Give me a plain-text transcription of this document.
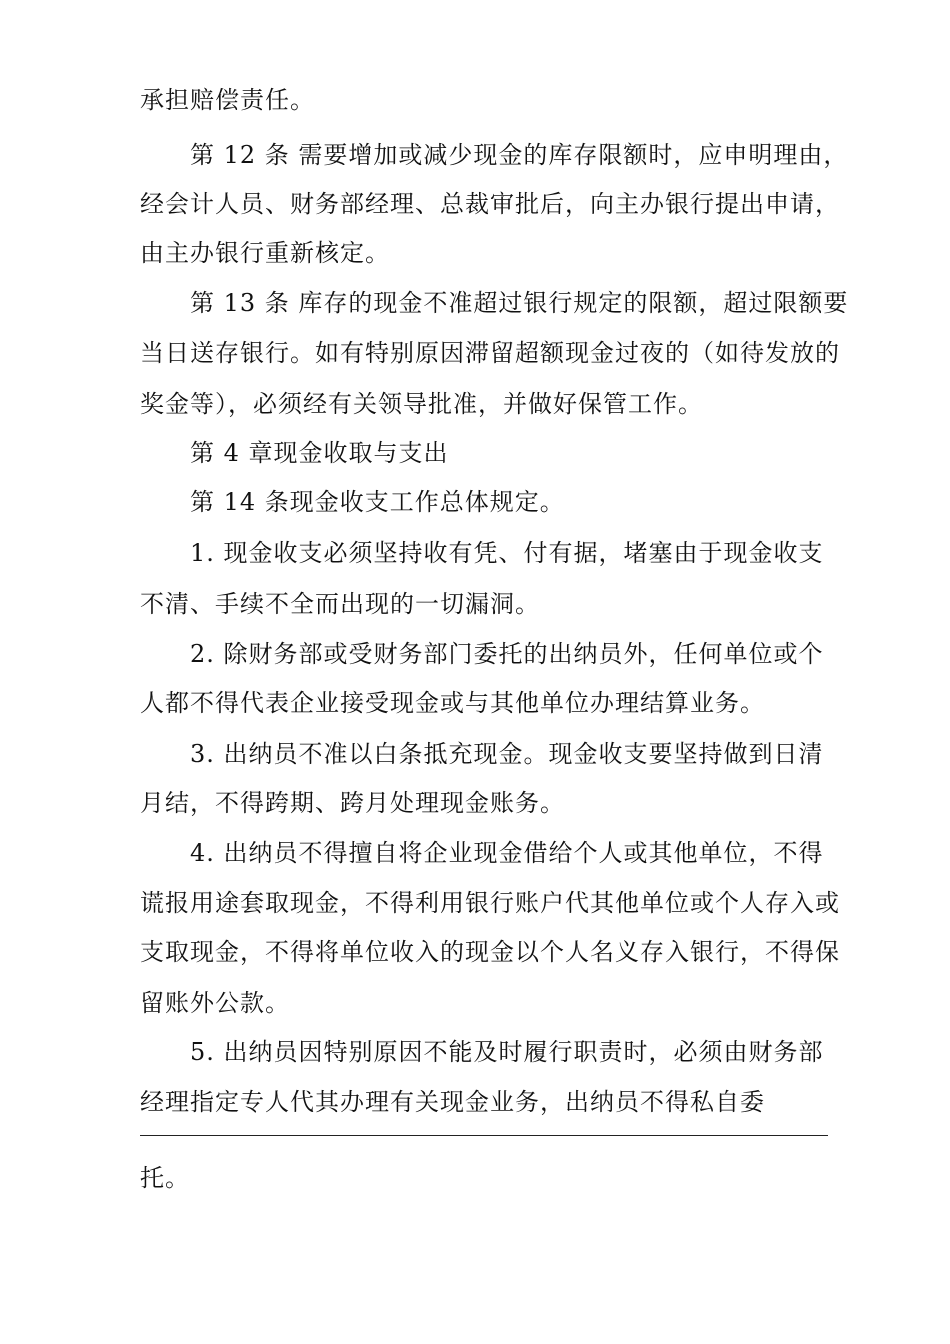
承担赔偿责任。
第 12 条 需要增加或减少现金的库存限额时，应申明理由，
经会计人员、财务部经理、总裁审批后，向主办银行提出申请，
由主办银行重新核定。
第 13 条 库存的现金不准超过银行规定的限额，超过限额要
当日送存银行。如有特别原因滞留超额现金过夜的（如待发放的
奖金等），必须经有关领导批准，并做好保管工作。
第 4 章现金收取与支出
第 14 条现金收支工作总体规定。
1. 现金收支必须坚持收有凭、付有据，堵塞由于现金收支
不清、手续不全而出现的一切漏洞。
2. 除财务部或受财务部门委托的出纳员外，任何单位或个
人都不得代表企业接受现金或与其他单位办理结算业务。
3. 出纳员不准以白条抵充现金。现金收支要坚持做到日清
月结，不得跨期、跨月处理现金账务。
4. 出纳员不得擅自将企业现金借给个人或其他单位，不得
谎报用途套取现金，不得利用银行账户代其他单位或个人存入或
支取现金，不得将单位收入的现金以个人名义存入银行，不得保
留账外公款。
5. 出纳员因特别原因不能及时履行职责时，必须由财务部
经理指定专人代其办理有关现金业务，出纳员不得私自委
托。
